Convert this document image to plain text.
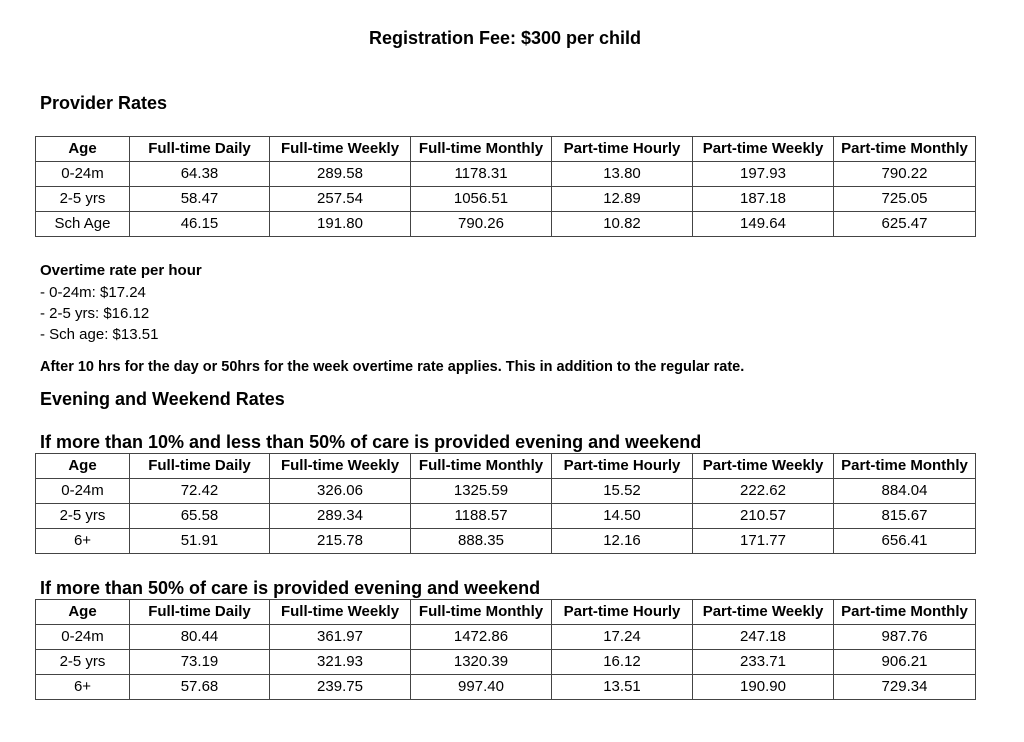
Registration Fee: $300 per child
Provider Rates
Age	Full-time Daily	Full-time Weekly	Full-time Monthly	Part-time Hourly	Part-time Weekly	Part-time Monthly
0-24m	64.38	289.58	1178.31	13.80	197.93	790.22
2-5 yrs	58.47	257.54	1056.51	12.89	187.18	725.05
Sch Age	46.15	191.80	790.26	10.82	149.64	625.47
Overtime rate per hour
- 0-24m: $17.24
- 2-5 yrs: $16.12
- Sch age: $13.51
After 10 hrs for the day or 50hrs for the week overtime rate applies. This in addition to the regular rate.
Evening and Weekend Rates
If more than 10% and less than 50% of care is provided evening and weekend
Age	Full-time Daily	Full-time Weekly	Full-time Monthly	Part-time Hourly	Part-time Weekly	Part-time Monthly
0-24m	72.42	326.06	1325.59	15.52	222.62	884.04
2-5 yrs	65.58	289.34	1188.57	14.50	210.57	815.67
6+	51.91	215.78	888.35	12.16	171.77	656.41
If more than 50% of care is provided evening and weekend
Age	Full-time Daily	Full-time Weekly	Full-time Monthly	Part-time Hourly	Part-time Weekly	Part-time Monthly
0-24m	80.44	361.97	1472.86	17.24	247.18	987.76
2-5 yrs	73.19	321.93	1320.39	16.12	233.71	906.21
6+	57.68	239.75	997.40	13.51	190.90	729.34
